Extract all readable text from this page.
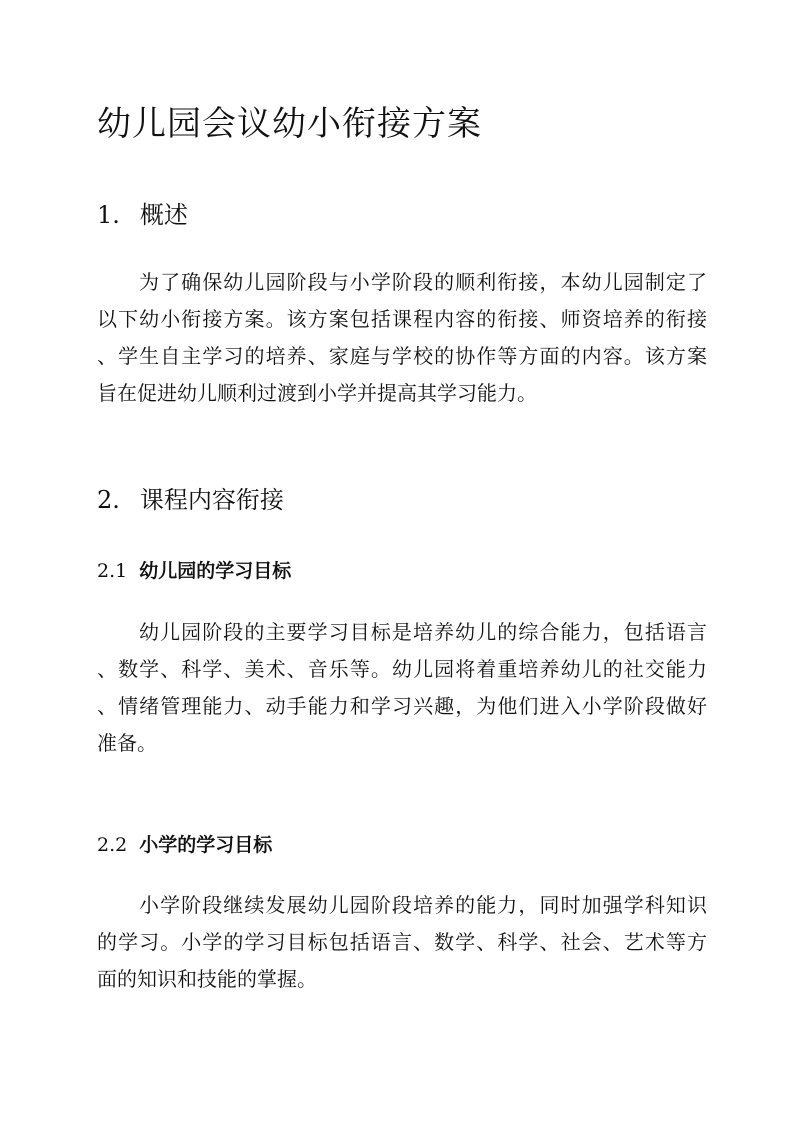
幼儿园会议幼小衔接方案
1. 概述
为了确保幼儿园阶段与小学阶段的顺利衔接，本幼儿园制定了
以下幼小衔接方案。该方案包括课程内容的衔接、师资培养的衔接
、学生自主学习的培养、家庭与学校的协作等方面的内容。该方案
旨在促进幼儿顺利过渡到小学并提高其学习能力。
2. 课程内容衔接
2.1 幼儿园的学习目标
幼儿园阶段的主要学习目标是培养幼儿的综合能力，包括语言
、数学、科学、美术、音乐等。幼儿园将着重培养幼儿的社交能力
、情绪管理能力、动手能力和学习兴趣，为他们进入小学阶段做好
准备。
2.2 小学的学习目标
小学阶段继续发展幼儿园阶段培养的能力，同时加强学科知识
的学习。小学的学习目标包括语言、数学、科学、社会、艺术等方
面的知识和技能的掌握。
